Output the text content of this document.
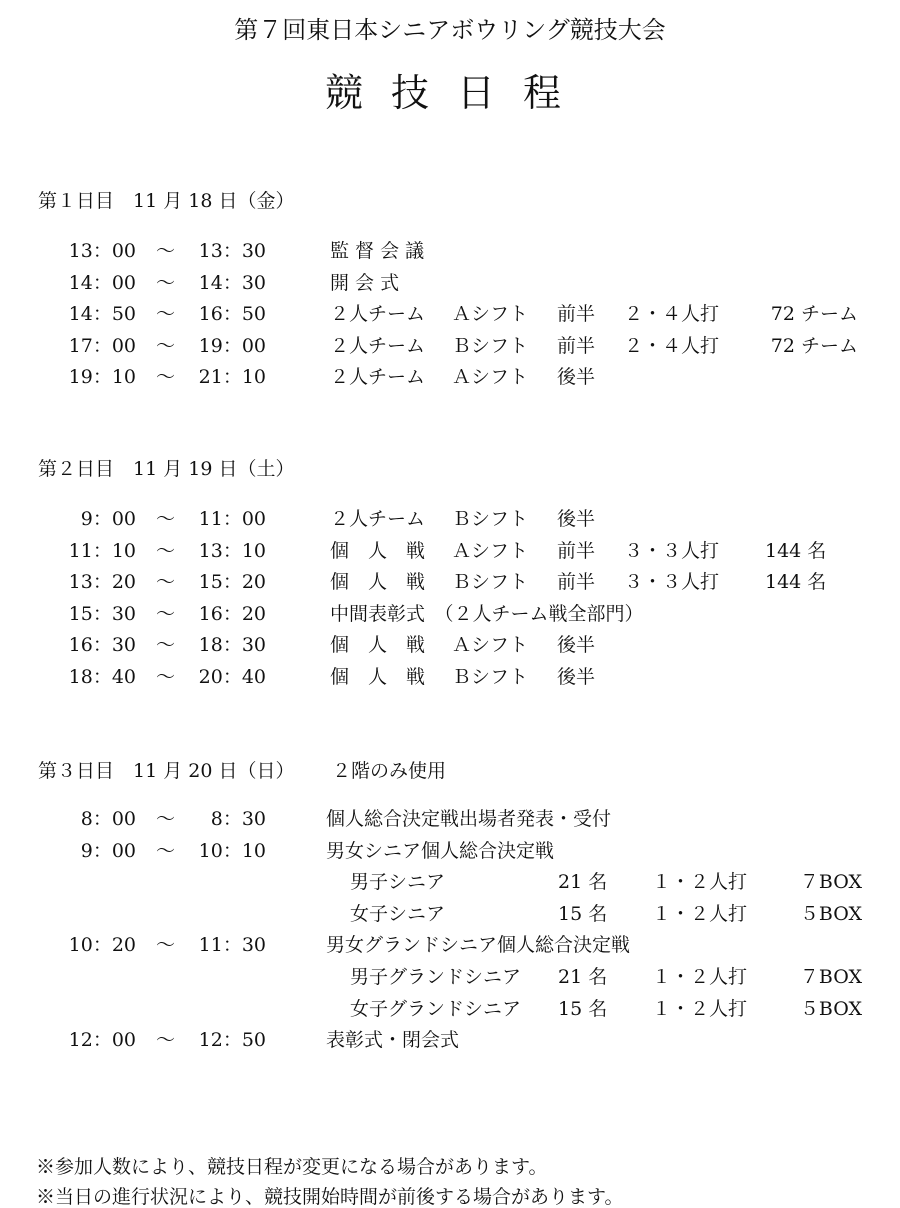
第７回東日本シニアボウリング競技大会
競技日程
第１日目　11 月 18 日（金）
13：00 ～ 13：30	監 督 会 議
14：00 ～ 14：30	開 会 式
14：50 ～ 16：50	２人チーム Ａシフト 前半 ２・４人打	72 チーム
17：00 ～ 19：00	２人チーム Ｂシフト 前半 ２・４人打	72 チーム
19：10 ～ 21：10	２人チーム Ａシフト 後半
第２日目　11 月 19 日（土）
9：00 ～ 11：00	２人チーム Ｂシフト 後半
11：10 ～ 13：10	個　人　戦 Ａシフト 前半 ３・３人打 144 名
13：20 ～ 15：20	個　人　戦 Ｂシフト 前半 ３・３人打 144 名
15：30 ～ 16：20	中間表彰式　（２人チーム戦全部門）
16：30 ～ 18：30	個　人　戦 Ａシフト 後半
18：40 ～ 20：40	個　人　戦 Ｂシフト 後半
第３日目　11 月 20 日（日） ２階のみ使用
8：00 ～ 8：30	個人総合決定戦出場者発表・受付
9：00 ～ 10：10	男女シニア個人総合決定戦
男子シニア	21 名 １・２人打	７BOX
女子シニア	15 名 １・２人打	５BOX
10：20 ～ 11：30	男女グランドシニア個人総合決定戦
男子グランドシニア 21 名 １・２人打	７BOX
女子グランドシニア 15 名 １・２人打	５BOX
12：00 ～ 12：50	表彰式・閉会式
※参加人数により、競技日程が変更になる場合があります。
※当日の進行状況により、競技開始時間が前後する場合があります。
